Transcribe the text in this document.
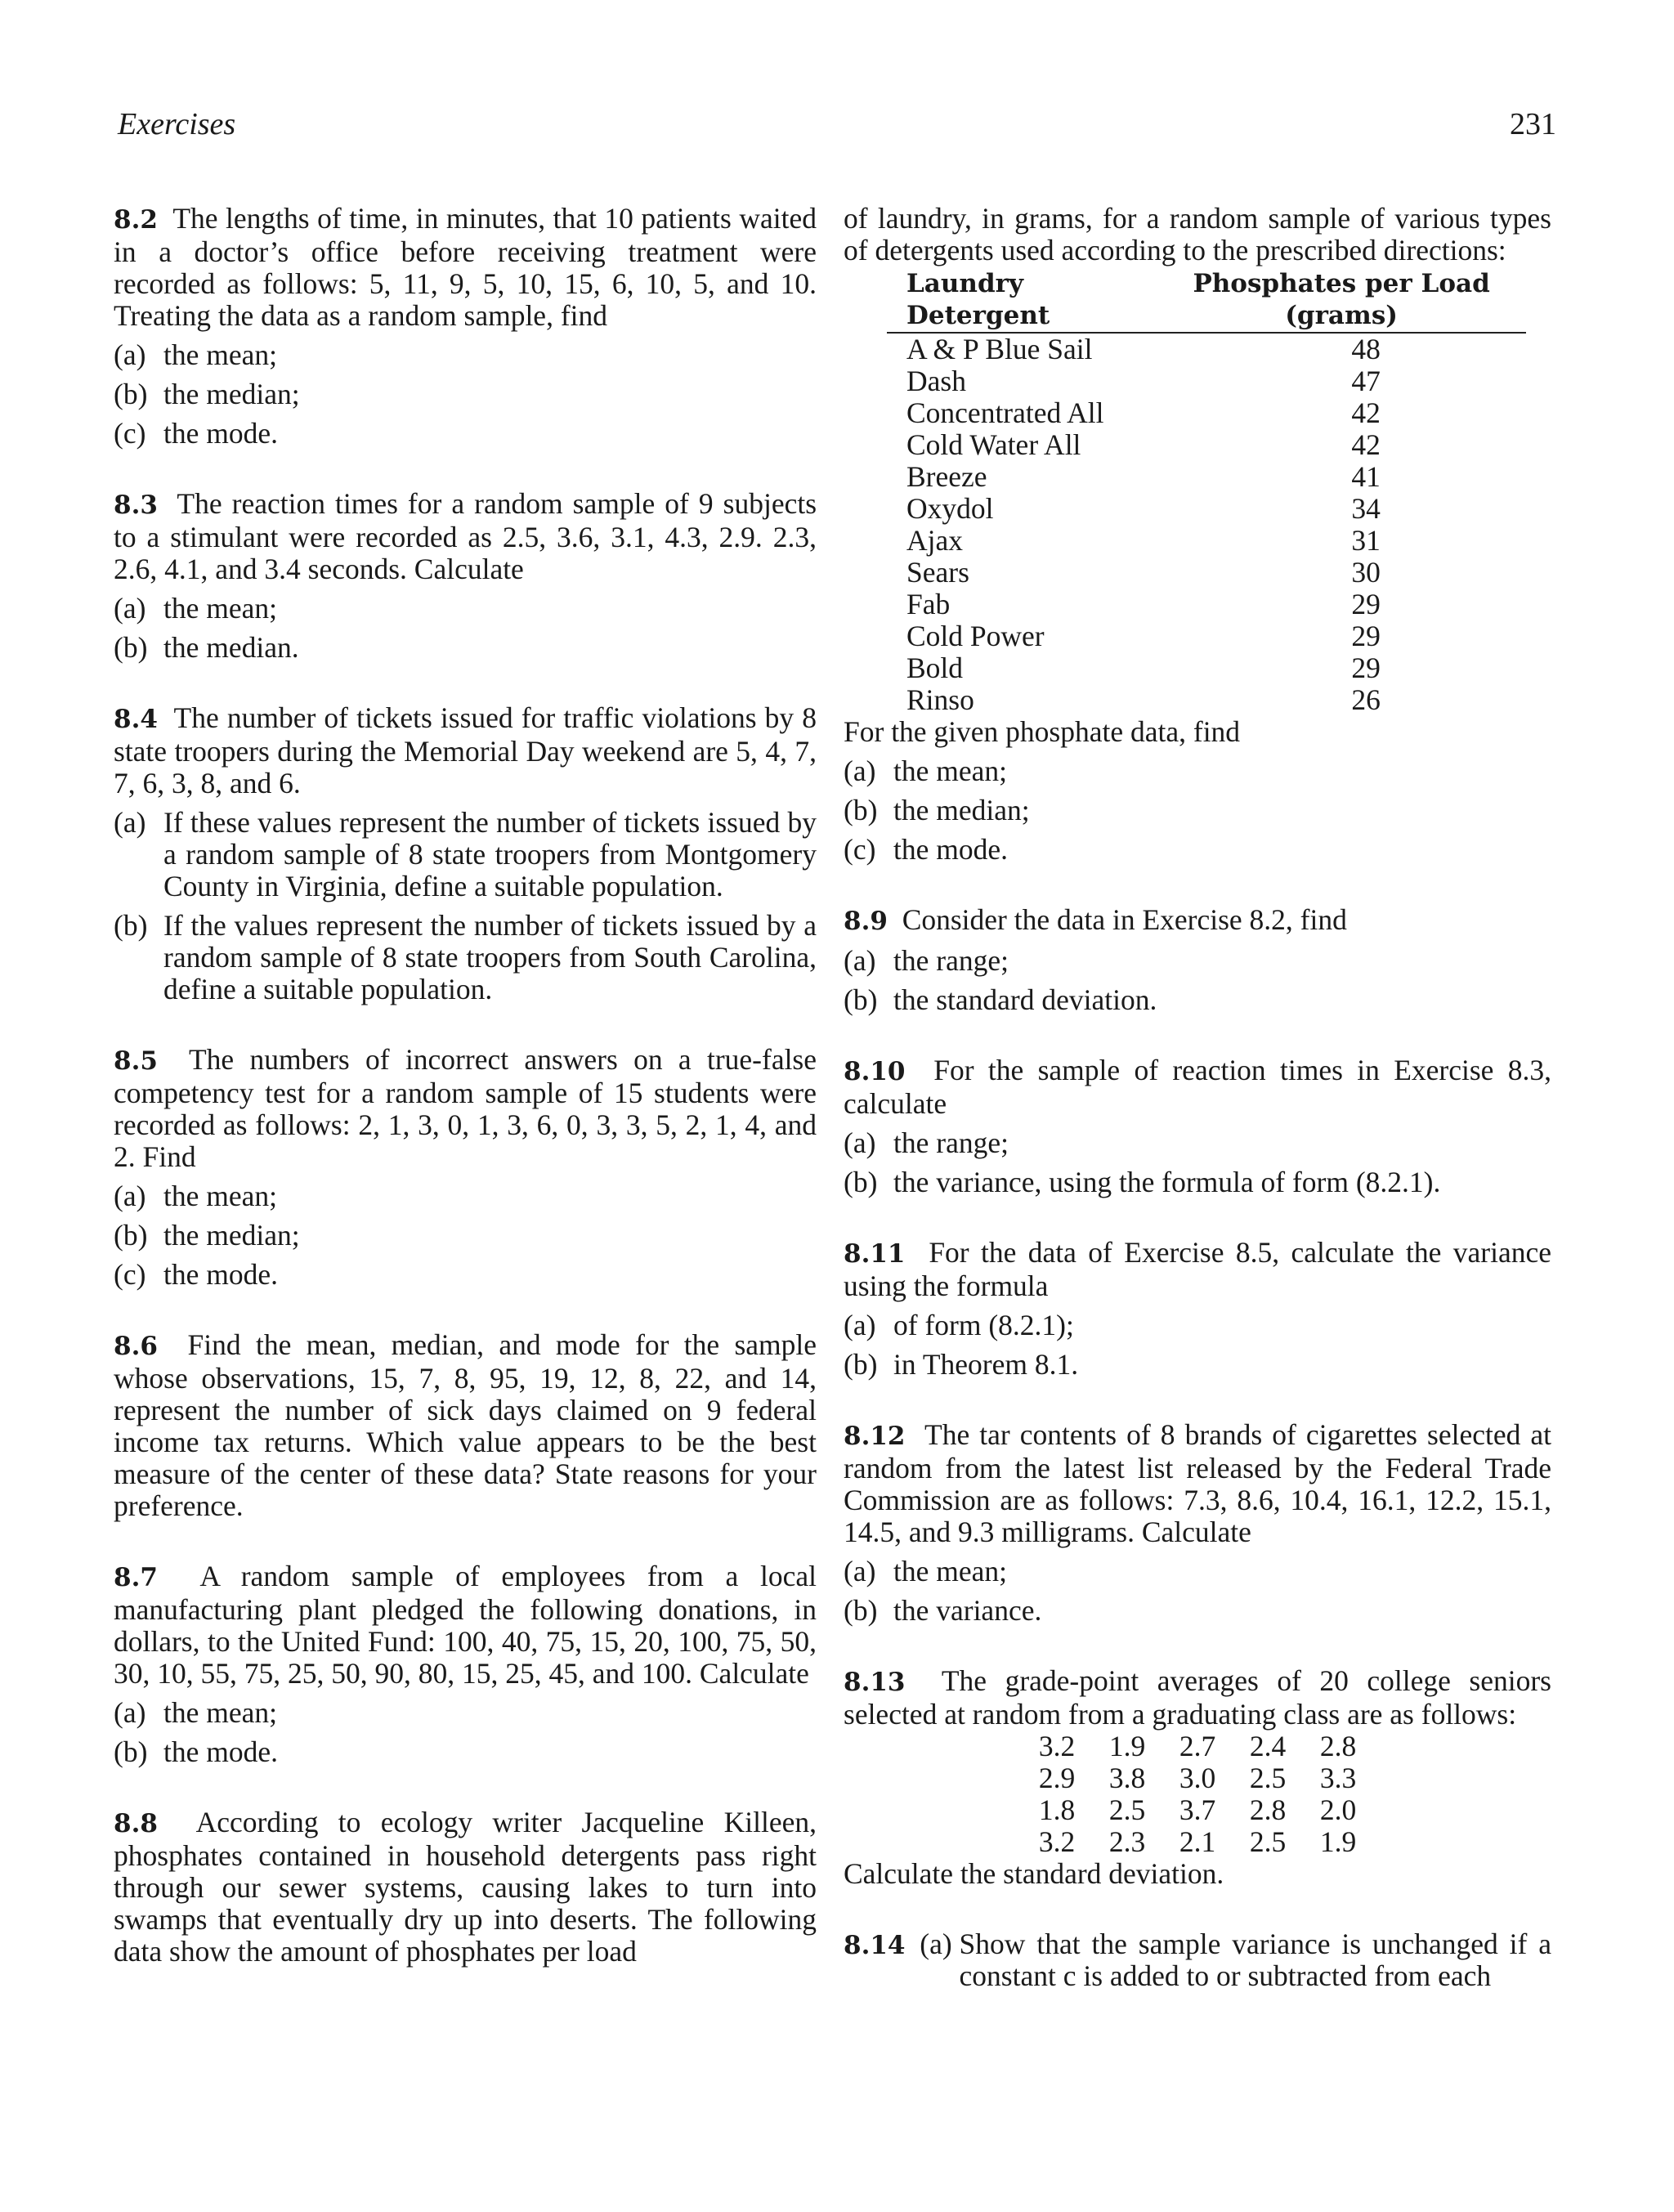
Exercises	231

8.2 The lengths of time, in minutes, that 10 patients waited in a doctor’s office before receiving treatment were recorded as follows: 5, 11, 9, 5, 10, 15, 6, 10, 5, and 10. Treating the data as a random sample, find

(a) the mean;
(b) the median;
(c) the mode.

8.3 The reaction times for a random sample of 9 subjects to a stimulant were recorded as 2.5, 3.6, 3.1, 4.3, 2.9. 2.3, 2.6, 4.1, and 3.4 seconds. Calculate

(a) the mean;
(b) the median.

8.4 The number of tickets issued for traffic violations by 8 state troopers during the Memorial Day weekend are 5, 4, 7, 7, 6, 3, 8, and 6.

(a) If these values represent the number of tickets issued by a random sample of 8 state troopers from Montgomery County in Virginia, define a suitable population.
(b) If the values represent the number of tickets issued by a random sample of 8 state troopers from South Carolina, define a suitable population.

8.5 The numbers of incorrect answers on a true-false competency test for a random sample of 15 students were recorded as follows: 2, 1, 3, 0, 1, 3, 6, 0, 3, 3, 5, 2, 1, 4, and 2. Find

(a) the mean;
(b) the median;
(c) the mode.

8.6 Find the mean, median, and mode for the sample whose observations, 15, 7, 8, 95, 19, 12, 8, 22, and 14, represent the number of sick days claimed on 9 federal income tax returns. Which value appears to be the best measure of the center of these data? State reasons for your preference.

8.7 A random sample of employees from a local manufacturing plant pledged the following donations, in dollars, to the United Fund: 100, 40, 75, 15, 20, 100, 75, 50, 30, 10, 55, 75, 25, 50, 90, 80, 15, 25, 45, and 100. Calculate

(a) the mean;
(b) the mode.

8.8 According to ecology writer Jacqueline Killeen, phosphates contained in household detergents pass right through our sewer systems, causing lakes to turn into swamps that eventually dry up into deserts. The following data show the amount of phosphates per load

of laundry, in grams, for a random sample of various types of detergents used according to the prescribed directions:

Laundry
Detergent	Phosphates per Load
(grams)
A & P Blue Sail	48
Dash	47
Concentrated All	42
Cold Water All	42
Breeze	41
Oxydol	34
Ajax	31
Sears	30
Fab	29
Cold Power	29
Bold	29
Rinso	26

For the given phosphate data, find

(a) the mean;
(b) the median;
(c) the mode.

8.9 Consider the data in Exercise 8.2, find

(a) the range;
(b) the standard deviation.

8.10 For the sample of reaction times in Exercise 8.3, calculate

(a) the range;
(b) the variance, using the formula of form (8.2.1).

8.11 For the data of Exercise 8.5, calculate the variance using the formula

(a) of form (8.2.1);
(b) in Theorem 8.1.

8.12 The tar contents of 8 brands of cigarettes selected at random from the latest list released by the Federal Trade Commission are as follows: 7.3, 8.6, 10.4, 16.1, 12.2, 15.1, 14.5, and 9.3 milligrams. Calculate

(a) the mean;
(b) the variance.

8.13 The grade-point averages of 20 college seniors selected at random from a graduating class are as follows:

3.2	1.9	2.7	2.4	2.8
2.9	3.8	3.0	2.5	3.3
1.8	2.5	3.7	2.8	2.0
3.2	2.3	2.1	2.5	1.9

Calculate the standard deviation.

8.14 (a) Show that the sample variance is unchanged if a constant c is added to or subtracted from each
